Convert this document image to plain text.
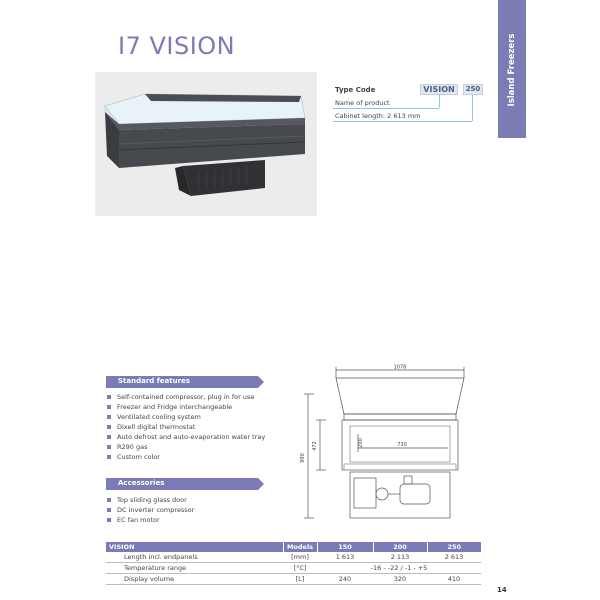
Island Freezers
I7 VISION
Type Code	VISION	250
Name of product
Cabinet length: 2 613 mm
Standard features
Self-contained compressor, plug in for use
Freezer and Fridge interchangeable
Ventilated cooling system
Dixell digital thermostat
Auto defrost and auto-evaporation water tray
R290 gas
Custom color
Accessories
Top sliding glass door
DC inverter compressor
EC fan motor
1078
990
472	200	730
VISION	Models	150	200	250
Length incl. endpanels	[mm]	1 613	2 113	2 613
Temperature range	[°C]	-16 - -22 / -1 - +5		
Display volume	[L]	240	320	410
14
